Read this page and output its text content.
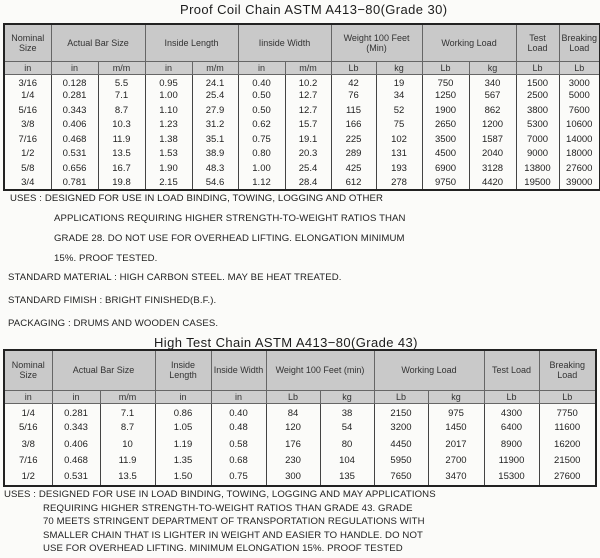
Proof Coil Chain ASTM A413−80(Grade 30)
Nominal Size	Actual Bar Size		Inside Length		Iinside Width		Weight 100 Feet (Min)		Working Load		Test Load	Breaking Load
in	in	m/m	in	m/m	in	m/m	Lb	kg	Lb	kg	Lb	Lb
3/16	0.128	5.5	0.95	24.1	0.40	10.2	42	19	750	340	1500	3000
1/4	0.281	7.1	1.00	25.4	0.50	12.7	76	34	1250	567	2500	5000
5/16	0.343	8.7	1.10	27.9	0.50	12.7	115	52	1900	862	3800	7600
3/8	0.406	10.3	1.23	31.2	0.62	15.7	166	75	2650	1200	5300	10600
7/16	0.468	11.9	1.38	35.1	0.75	19.1	225	102	3500	1587	7000	14000
1/2	0.531	13.5	1.53	38.9	0.80	20.3	289	131	4500	2040	9000	18000
5/8	0.656	16.7	1.90	48.3	1.00	25.4	425	193	6900	3128	13800	27600
3/4	0.781	19.8	2.15	54.6	1.12	28.4	612	278	9750	4420	19500	39000
USES : DESIGNED FOR USE IN LOAD BINDING, TOWING, LOGGING AND OTHER
APPLICATIONS REQUIRING HIGHER STRENGTH-TO-WEIGHT RATIOS THAN
GRADE 28. DO NOT USE FOR OVERHEAD LIFTING. ELONGATION MINIMUM
15%. PROOF TESTED.
STANDARD MATERIAL : HIGH CARBON STEEL. MAY BE HEAT TREATED.
STANDARD FIMISH : BRIGHT FINISHED(B.F.).
PACKAGING : DRUMS AND WOODEN CASES.
High Test Chain ASTM A413−80(Grade 43)
Nominal Size	Actual Bar Size		Inside Length	Inside Width	Weight 100 Feet (min)		Working Load		Test Load	Breaking Load
in	in	m/m	in	in	Lb	kg	Lb	kg	Lb	Lb
1/4	0.281	7.1	0.86	0.40	84	38	2150	975	4300	7750
5/16	0.343	8.7	1.05	0.48	120	54	3200	1450	6400	11600
3/8	0.406	10	1.19	0.58	176	80	4450	2017	8900	16200
7/16	0.468	11.9	1.35	0.68	230	104	5950	2700	11900	21500
1/2	0.531	13.5	1.50	0.75	300	135	7650	3470	15300	27600
USES : DESIGNED FOR USE IN LOAD BINDING, TOWING, LOGGING AND MAY APPLICATIONS
REQUIRING HIGHER STRENGTH-TO-WEIGHT RATIOS THAN GRADE 43. GRADE
70 MEETS STRINGENT DEPARTMENT OF TRANSPORTATION REGULATIONS WITH
SMALLER CHAIN THAT IS LIGHTER IN WEIGHT AND EASIER TO HANDLE. DO NOT
USE FOR OVERHEAD LIFTING. MINIMUM ELONGATION 15%. PROOF TESTED
